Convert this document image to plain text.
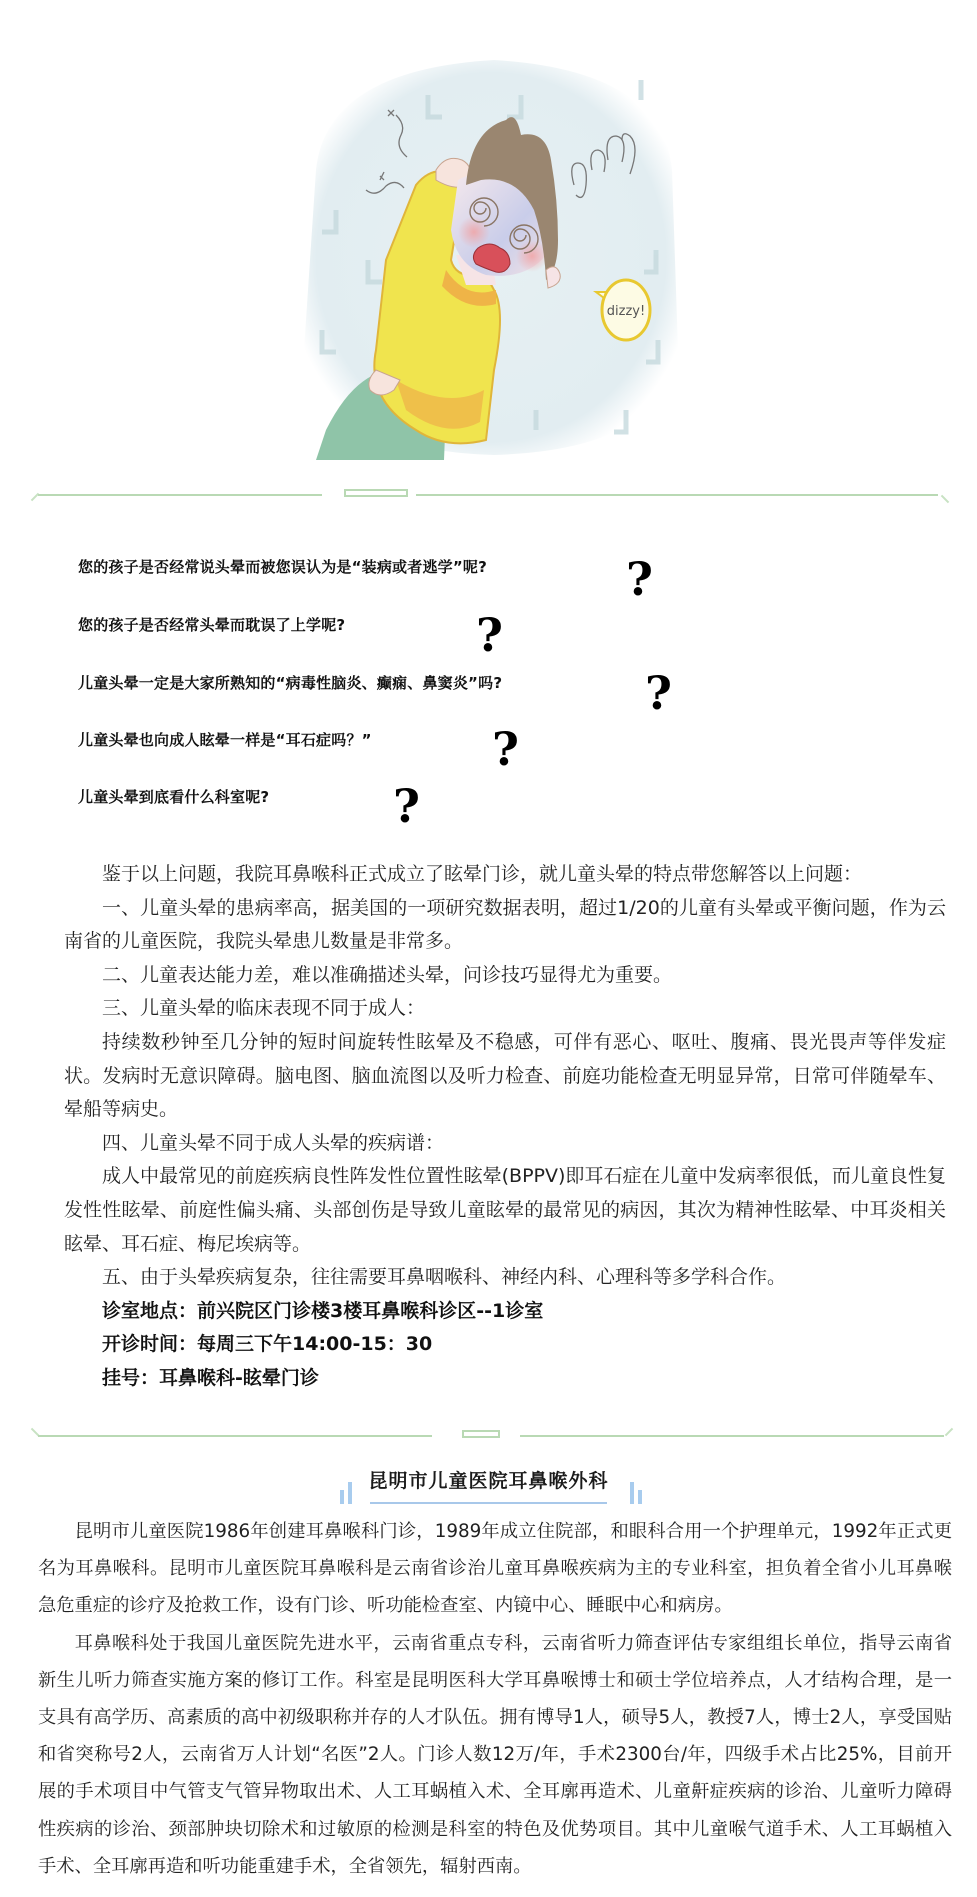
dizzy!
您的孩子是否经常说头晕而被您误认为是“装病或者逃学”呢?	?
您的孩子是否经常头晕而耽误了上学呢?	?
儿童头晕一定是大家所熟知的“病毒性脑炎、癫痫、鼻窦炎”吗?	?
儿童头晕也向成人眩晕一样是“耳石症吗？”	?
儿童头晕到底看什么科室呢?	?

鉴于以上问题，我院耳鼻喉科正式成立了眩晕门诊，就儿童头晕的特点带您解答以上问题：

一、儿童头晕的患病率高，据美国的一项研究数据表明，超过1/20的儿童有头晕或平衡问题，作为云南省的儿童医院，我院头晕患儿数量是非常多。

二、儿童表达能力差，难以准确描述头晕，问诊技巧显得尤为重要。

三、儿童头晕的临床表现不同于成人：

持续数秒钟至几分钟的短时间旋转性眩晕及不稳感，可伴有恶心、呕吐、腹痛、畏光畏声等伴发症状。发病时无意识障碍。脑电图、脑血流图以及听力检查、前庭功能检查无明显异常，日常可伴随晕车、晕船等病史。

四、儿童头晕不同于成人头晕的疾病谱：

成人中最常见的前庭疾病良性阵发性位置性眩晕(BPPV)即耳石症在儿童中发病率很低，而儿童良性复发性性眩晕、前庭性偏头痛、头部创伤是导致儿童眩晕的最常见的病因，其次为精神性眩晕、中耳炎相关眩晕、耳石症、梅尼埃病等。

五、由于头晕疾病复杂，往往需要耳鼻咽喉科、神经内科、心理科等多学科合作。

诊室地点：前兴院区门诊楼3楼耳鼻喉科诊区--1诊室

开诊时间：每周三下午14:00-15：30

挂号：耳鼻喉科-眩晕门诊

昆明市儿童医院耳鼻喉外科

昆明市儿童医院1986年创建耳鼻喉科门诊，1989年成立住院部，和眼科合用一个护理单元，1992年正式更名为耳鼻喉科。昆明市儿童医院耳鼻喉科是云南省诊治儿童耳鼻喉疾病为主的专业科室，担负着全省小儿耳鼻喉急危重症的诊疗及抢救工作，设有门诊、听功能检查室、内镜中心、睡眠中心和病房。

耳鼻喉科处于我国儿童医院先进水平，云南省重点专科，云南省听力筛查评估专家组组长单位，指导云南省新生儿听力筛查实施方案的修订工作。科室是昆明医科大学耳鼻喉博士和硕士学位培养点，人才结构合理，是一支具有高学历、高素质的高中初级职称并存的人才队伍。拥有博导1人，硕导5人，教授7人，博士2人，享受国贴和省突称号2人，云南省万人计划“名医”2人。门诊人数12万/年，手术2300台/年，四级手术占比25%，目前开展的手术项目中气管支气管异物取出术、人工耳蜗植入术、全耳廓再造术、儿童鼾症疾病的诊治、儿童听力障碍性疾病的诊治、颈部肿块切除术和过敏原的检测是科室的特色及优势项目。其中儿童喉气道手术、人工耳蜗植入手术、全耳廓再造和听功能重建手术，全省领先，辐射西南。
